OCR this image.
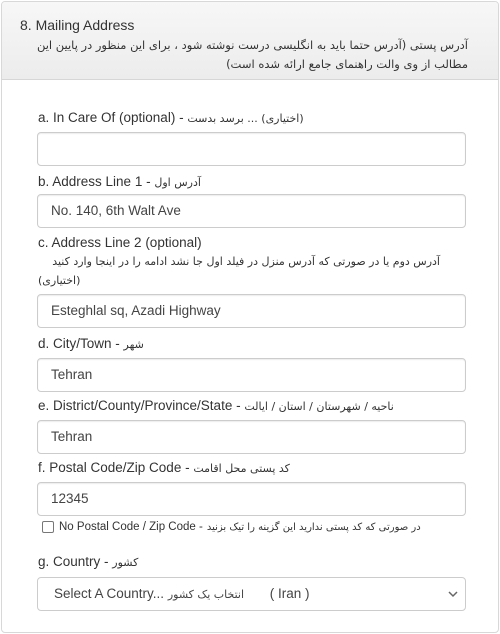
8. Mailing Address
آدرس پستی (آدرس حتما باید به انگلیسی درست نوشته شود ، برای این منظور در پایین این مطالب از وی والت راهنمای جامع ارائه شده است)
a. In Care Of (optional) - (اختیاری) ... برسد بدست
b. Address Line 1 - آدرس اول
No. 140, 6th Walt Ave
c. Address Line 2 (optional)
آدرس دوم یا در صورتی که آدرس منزل در فیلد اول جا نشد ادامه را در اینجا وارد کنید
(اختیاری)
Esteghlal sq, Azadi Highway
d. City/Town - شهر
Tehran
e. District/County/Province/State - ناحیه / شهرستان / استان / ایالت
Tehran
f. Postal Code/Zip Code - کد پستی محل اقامت
12345
No Postal Code / Zip Code - در صورتی که کد پستی ندارید این گزینه را تیک بزنید
g. Country - کشور
Select A Country... انتخاب یک کشور ( Iran )
